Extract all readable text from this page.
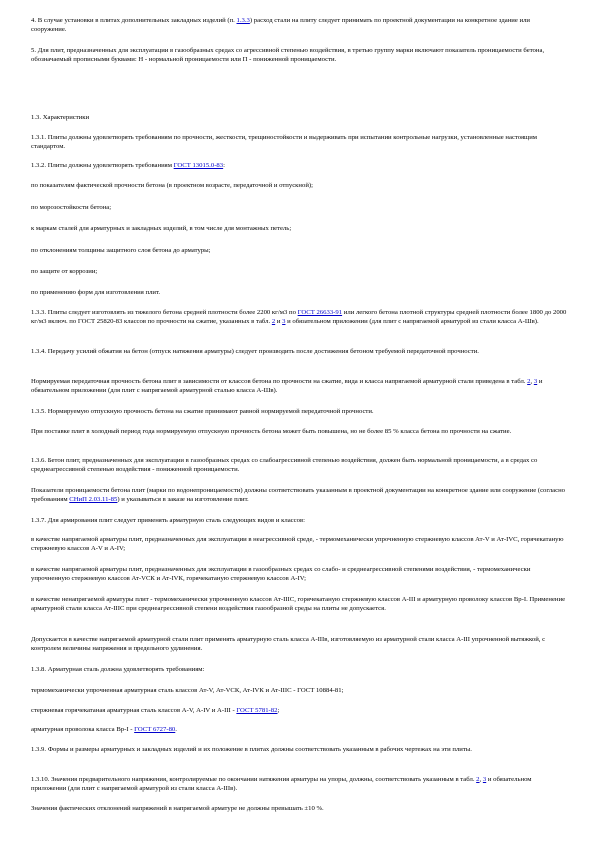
4. В случае установки в плитах дополнительных закладных изделий (п. 1.3.3) расход стали на плиту следует принимать по проектной документации на конкретное здание или сооружение.

5. Для плит, предназначенных для эксплуатации в газообразных средах со агрессивной степенью воздействия, в третью группу марки включают показатель проницаемости бетона, обозначаемый прописными буквами: Н - нормальной проницаемости или П - пониженной проницаемости.

1.3. Характеристики

1.3.1. Плиты должны удовлетворять требованиям по прочности, жесткости, трещиностойкости и выдерживать при испытании контрольные нагрузки, установленные настоящим стандартом.

1.3.2. Плиты должны удовлетворять требованиям ГОСТ 13015.0-83:

по показателям фактической прочности бетона (в проектном возрасте, передаточной и отпускной);

по морозостойкости бетона;

к маркам сталей для арматурных и закладных изделий, в том числе для монтажных петель;

по отклонениям толщины защитного слоя бетона до арматуры;

по защите от коррозии;

по применению форм для изготовления плит.

1.3.3. Плиты следует изготовлять из тяжелого бетона средней плотности более 2200 кг/м3 по ГОСТ 26633-91 или легкого бетона плотной структуры средней плотности более 1800 до 2000 кг/м3 включ. по ГОСТ 25820-83 классов по прочности на сжатие, указанных в табл. 2 и 3 и обязательном приложении (для плит с напрягаемой арматурой из стали класса А-Шв).

1.3.4. Передачу усилий обжатия на бетон (отпуск натяжения арматуры) следует производить после достижения бетоном требуемой передаточной прочности.

Нормируемая передаточная прочность бетона плит в зависимости от классов бетона по прочности на сжатие, вида и класса напрягаемой арматурной стали приведена в табл. 2, 3 и обязательном приложении (для плит с напрягаемой арматурной сталью класса А-Шв).

1.3.5. Нормируемую отпускную прочность бетона на сжатие принимают равной нормируемой передаточной прочности.

При поставке плит в холодный период года нормируемую отпускную прочность бетона может быть повышена, но не более 85 % класса бетона по прочности на сжатие.

1.3.6. Бетон плит, предназначенных для эксплуатации в газообразных средах со слабоагрессивной степенью воздействия, должен быть нормальной проницаемости, а в средах со среднеагрессивной степенью воздействия - пониженной проницаемости.

Показатели проницаемости бетона плит (марки по водонепроницаемости) должны соответствовать указанным в проектной документации на конкретное здание или сооружение (согласно требованиям СНиП 2.03.11-85) и указываться в заказе на изготовление плит.

1.3.7. Для армирования плит следует применять арматурную сталь следующих видов и классов:

в качестве напрягаемой арматуры плит, предназначенных для эксплуатации в неагрессивной среде, - термомеханически упрочненную стержневую классов Ат-V и Ат-IVС, горячекатаную стержневую классов А-V и А-IV;

в качестве напрягаемой арматуры плит, предназначенных для эксплуатации в газообразных средах со слабо- и среднеагрессивной степенями воздействия, - термомеханически упрочненную стержневую классов Ат-VСК и Ат-IVК, горячекатаную стержневую классов А-IV;

в качестве ненапрягаемой арматуры плит - термомеханически упрочненную классов Ат-IIIС, горячекатаную стержневую классов А-III и арматурную проволоку классов Вр-I. Применение арматурной стали класса Ат-IIIС при среднеагрессивной степени воздействия газообразной среды на плиты не допускается.

Допускается в качестве напрягаемой арматурной стали плит применять арматурную сталь класса А-IIIв, изготовляемую из арматурной стали класса А-III упрочненной вытяжкой, с контролем величины напряжения и предельного удлинения.

1.3.8. Арматурная сталь должна удовлетворять требованиям:

термомеханически упрочненная арматурная сталь классов Ат-V, Ат-VСК, Ат-IVК и Ат-IIIС - ГОСТ 10884-81;

стержневая горячекатаная арматурная сталь классов А-V, А-IV и А-III - ГОСТ 5781-82;

арматурная проволока класса Вр-I - ГОСТ 6727-80.

1.3.9. Формы и размеры арматурных и закладных изделий и их положение в плитах должны соответствовать указанным в рабочих чертежах на эти плиты.

1.3.10. Значения предварительного напряжения, контролируемые по окончании натяжения арматуры на упоры, должны, соответствовать указанным в табл. 2, 3 и обязательном приложении (для плит с напрягаемой арматурой из стали класса А-IIIв).

Значения фактических отклонений напряжений в напрягаемой арматуре не должны превышать ±10 %.
